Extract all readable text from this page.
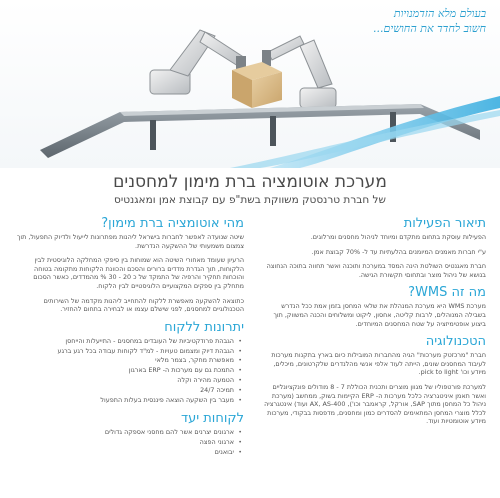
בעולם מלא הזדמנויות
חשוב לחדד את החושים...
מערכת אוטומציה ברת מימון למחסנים
של חברת טרנסטק משווקת בשת"פ עם קבוצת אמן ומאגנטיס
תיאור הפעילות

הפעילות עוסקת בתחום מתקדם ומיוחד לניהול מחסנים ומרלוגים.

ע"י חברות מאמנים המיומנים בהלעתיות עד ל- 70% קבוצת אמן.

חברת מאגנטיס השולטת הינה המסד במערכת ותוכנה ואשר תחווה בתוכה הנחוצה בנושא של ניהול מוצר ובתחוםי תקשורת הגישה.

מה זה WMS?

מערכת WMS היא מערכת המנהלת את שלאי המחסן בזמן אמת ככל הנדרש בשבילה המנוהלים, לרבות קליטה, אחסון, ליקוט ומשלוחים והכנה המשווק, תוך ביצוע אופטימיזציה על שטח המחסנים המיוחדים.

הטכנולוגיה

חברת "מרכזטק מערכות" הגיה מהחברות המובילות כיום בארץ בתקנות מערכות לעיבוד המחסנים שונים, הייתה לעוד אלפי אנשי מהלנדרים שלקרטונים, מיכלים, מיודע וכו' pick to light.

למערכת פורטפוליו של מגוון מוצרים ותכנית הכוללת 7 - 8 מודולים פונקציונליים ואשר תאמן איניטגרציה כלכל מערכות ה- ERP הקיימות בשוק, ממחשב (מערכת ניהול כל המחסן מתוך SAP, אורקל, קראמבר וכו'), AX, AS-400 ועוד) אינטגרציה לכלל מוצרי המחסן המתאימים להסדרים כמון ומחסנים, מדפסות בבקודי, מערכות מיודע אוטומטיות ועוד.

מהי אוטומציה ברת מימון?

שיטה שנועדה לאפשר לחברות בישראל ליהנות מפתרונות לייעול ולדיוק התפעול, תוך צמצום משמעותי של ההשקעה הנדרשת.

הרעיון שעומד מאחורי השיטה הוא שמוחות בין סיפקי המחלקה הלוגיסטית לבין הלקוחות, תוך הגדרת מדדים ברורים והסכם והכוונת הלקוחות מתקומה בטוחה והוכחות תחקיר והרפיה של התמקד של כ 20 - 30 % מהמדדים, כאשר הסכום מתחלק בין ספקים המקצועיים הלוגיסטיים לבין הלקוח.

כתוצאה להשקעה מאפשרת ללקוח להתחייב ליהנות מקדמה של השירותים הטכנולוגיים למחסנים, לפני שישלם עצמו או לבחירה בתחום להחזיר.

יתרונות ללקוח
• הגבהת פרודקטיביות של העובדים במחסנים - התייעלות והייחסן
• הגבהת דיוק ומצמום טעויות - למ"ד לקוחות עבודה בכל רגע ברגע
• מאפשרת מחקר, בצמר מלאי
• התמכת גם עם מערכות ה- ERP בארגון
• הטמעה מהירה וקלה
• תמיכה 24/7
• מעבר בין השקעה הוצאה פיננסית בעלות התפעול
לקוחות יעד
• ארגונים יצרנים אשר להם מחסני אספקה גדולים
• ארגוני הפצה
• יבואנים
